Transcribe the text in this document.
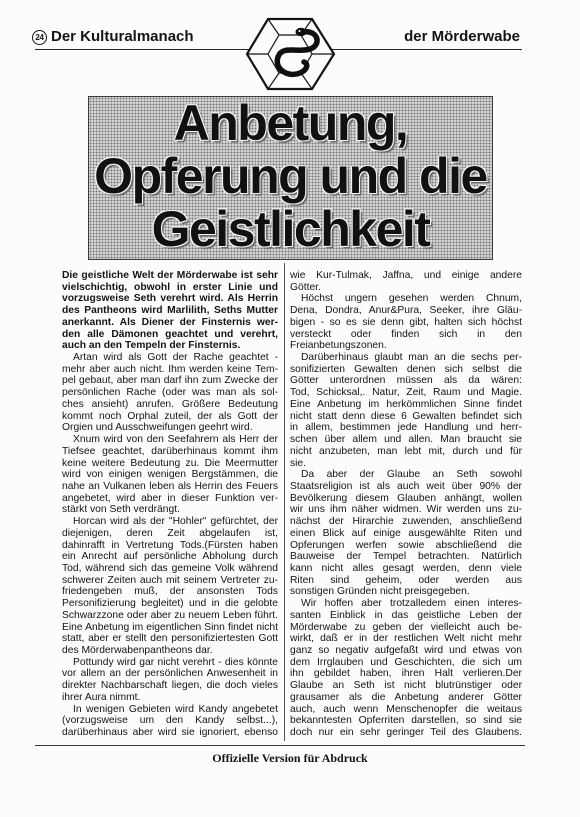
24 Der Kulturalmanach	der Mörderwabe
Anbetung,
Opferung und die
Geistlichkeit
Die geistliche Welt der Mörderwabe ist sehr
vielschichtig, obwohl in erster Linie und
vorzugsweise Seth verehrt wird. Als Herrin
des Pantheons wird Marlilith, Seths Mutter
anerkannt. Als Diener der Finsternis wer-
den alle Dämonen geachtet und verehrt,
auch an den Tempeln der Finsternis.
Artan wird als Gott der Rache geachtet -
mehr aber auch nicht. Ihm werden keine Tem-
pel gebaut, aber man darf ihn zum Zwecke der
persönlichen Rache (oder was man als sol-
ches ansieht) anrufen. Größere Bedeutung
kommt noch Orphal zuteil, der als Gott der
Orgien und Ausschweifungen geehrt wird.
Xnum wird von den Seefahrern als Herr der
Tiefsee geachtet, darüberhinaus kommt ihm
keine weitere Bedeutung zu. Die Meermutter
wird von einigen wenigen Bergstämmen, die
nahe an Vulkanen leben als Herrin des Feuers
angebetet, wird aber in dieser Funktion ver-
stärkt von Seth verdrängt.
Horcan wird als der "Hohler" gefürchtet, der
diejenigen, deren Zeit abgelaufen ist,
dahinrafft in Vertretung Tods.(Fürsten haben
ein Anrecht auf persönliche Abholung durch
Tod, während sich das gemeine Volk während
schwerer Zeiten auch mit seinem Vertreter zu-
friedengeben muß, der ansonsten Tods
Personifizierung begleitet) und in die gelobte
Schwarzzone oder aber zu neuem Leben führt.
Eine Anbetung im eigentlichen Sinn findet nicht
statt, aber er stellt den personifiziertesten Gott
des Mörderwabenpantheons dar.
Pottundy wird gar nicht verehrt - dies könnte
vor allem an der persönlichen Anwesenheit in
direkter Nachbarschaft liegen, die doch vieles
ihrer Aura nimmt.
In wenigen Gebieten wird Kandy angebetet
(vorzugsweise um den Kandy selbst...),
darüberhinaus aber wird sie ignoriert, ebenso
wie Kur-Tulmak, Jaffna, und einige andere
Götter.
Höchst ungern gesehen werden Chnum,
Dena, Dondra, Anur&Pura, Seeker, ihre Gläu-
bigen - so es sie denn gibt, halten sich höchst
versteckt oder finden sich in den
Freianbetungszonen.
Darüberhinaus glaubt man an die sechs per-
sonifizierten Gewalten denen sich selbst die
Götter unterordnen müssen als da wären:
Tod, Schicksal,. Natur, Zeit, Raum und Magie.
Eine Anbetung im herkömmlichen Sinne findet
nicht statt denn diese 6 Gewalten befindet sich
in allem, bestimmen jede Handlung und herr-
schen über allem und allen. Man braucht sie
nicht anzubeten, man lebt mit, durch und für
sie.
Da aber der Glaube an Seth sowohl
Staatsreligion ist als auch weit über 90% der
Bevölkerung diesem Glauben anhängt, wollen
wir uns ihm näher widmen. Wir werden uns zu-
nächst der Hirarchie zuwenden, anschließend
einen Blick auf einige ausgewählte Riten und
Opferungen werfen sowie abschließend die
Bauweise der Tempel betrachten. Natürlich
kann nicht alles gesagt werden, denn viele
Riten sind geheim, oder werden aus
sonstigen Gründen nicht preisgegeben.
Wir hoffen aber trotzalledem einen interes-
santen Einblick in das geistliche Leben der
Mörderwabe zu geben der vielleicht auch be-
wirkt, daß er in der restlichen Welt nicht mehr
ganz so negativ aufgefaßt wird und etwas von
dem Irrglauben und Geschichten, die sich um
ihn gebildet haben, ihren Halt verlieren.Der
Glaube an Seth ist nicht blutrünstiger oder
grausamer als die Anbetung anderer Götter
auch, auch wenn Menschenopfer die weitaus
bekanntesten Opferriten darstellen, so sind sie
doch nur ein sehr geringer Teil des Glaubens.
Offizielle Version für Abdruck
